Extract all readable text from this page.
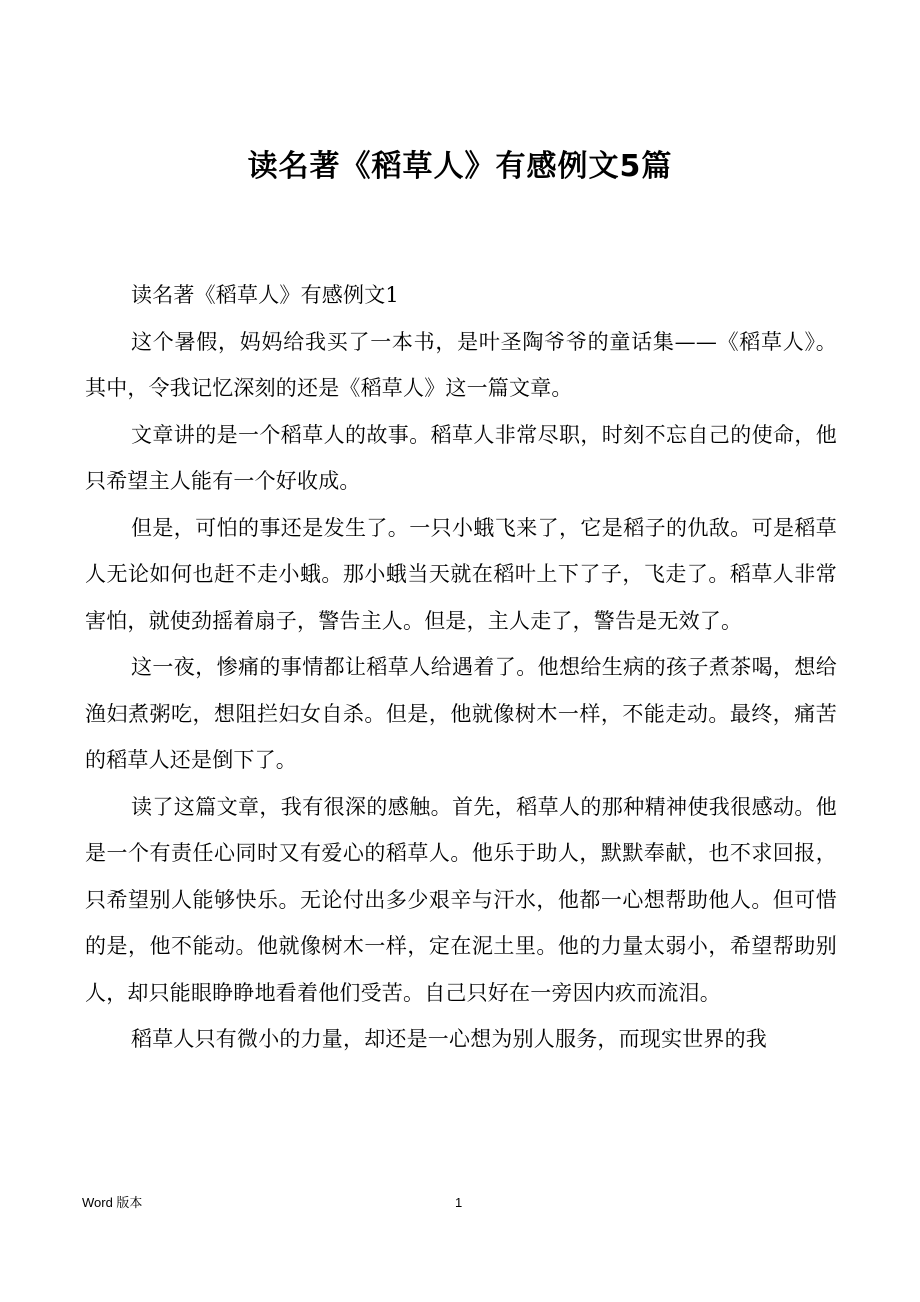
读名著《稻草人》有感例文5篇

读名著《稻草人》有感例文1

这个暑假，妈妈给我买了一本书，是叶圣陶爷爷的童话集——《稻草人》。其中，令我记忆深刻的还是《稻草人》这一篇文章。

文章讲的是一个稻草人的故事。稻草人非常尽职，时刻不忘自己的使命，他只希望主人能有一个好收成。

但是，可怕的事还是发生了。一只小蛾飞来了，它是稻子的仇敌。可是稻草人无论如何也赶不走小蛾。那小蛾当天就在稻叶上下了子，飞走了。稻草人非常害怕，就使劲摇着扇子，警告主人。但是，主人走了，警告是无效了。

这一夜，惨痛的事情都让稻草人给遇着了。他想给生病的孩子煮茶喝，想给渔妇煮粥吃，想阻拦妇女自杀。但是，他就像树木一样，不能走动。最终，痛苦的稻草人还是倒下了。

读了这篇文章，我有很深的感触。首先，稻草人的那种精神使我很感动。他是一个有责任心同时又有爱心的稻草人。他乐于助人，默默奉献，也不求回报，只希望别人能够快乐。无论付出多少艰辛与汗水，他都一心想帮助他人。但可惜的是，他不能动。他就像树木一样，定在泥土里。他的力量太弱小，希望帮助别人，却只能眼睁睁地看着他们受苦。自己只好在一旁因内疚而流泪。

稻草人只有微小的力量，却还是一心想为别人服务，而现实世界的我

Word 版本	1
